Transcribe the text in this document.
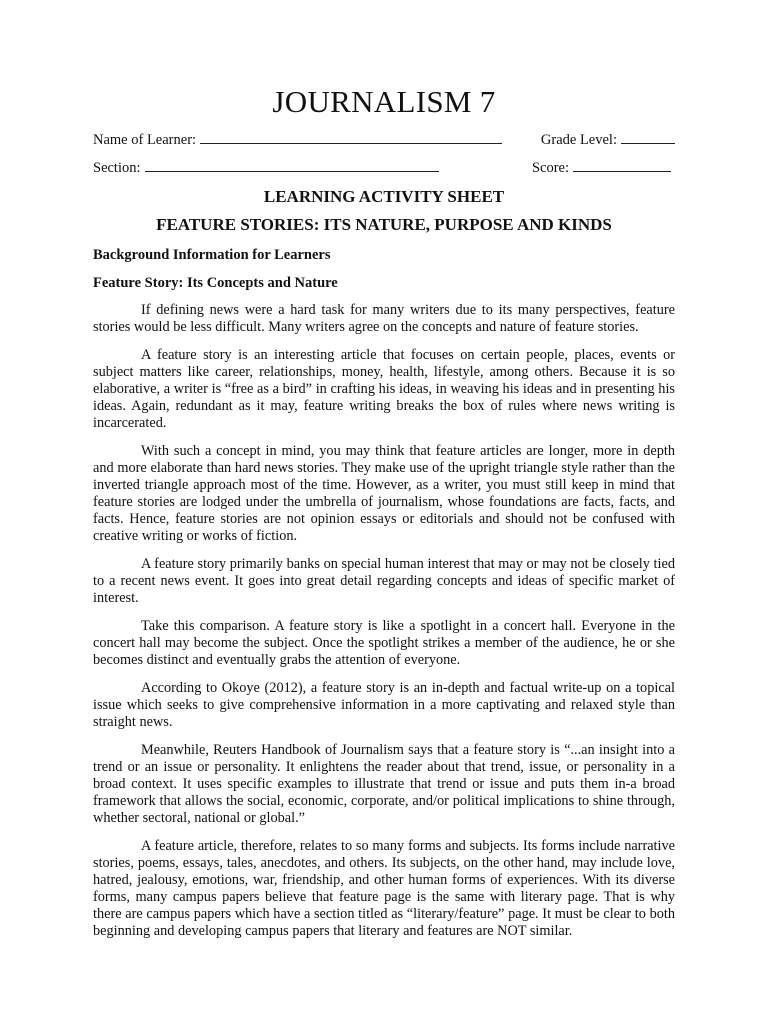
JOURNALISM 7
Name of Learner:	Grade Level:
Section:	Score:
LEARNING ACTIVITY SHEET
FEATURE STORIES: ITS NATURE, PURPOSE AND KINDS
Background Information for Learners
Feature Story: Its Concepts and Nature

If defining news were a hard task for many writers due to its many perspectives, feature stories would be less difficult. Many writers agree on the concepts and nature of feature stories.

A feature story is an interesting article that focuses on certain people, places, events or subject matters like career, relationships, money, health, lifestyle, among others. Because it is so elaborative, a writer is “free as a bird” in crafting his ideas, in weaving his ideas and in presenting his ideas. Again, redundant as it may, feature writing breaks the box of rules where news writing is incarcerated.

With such a concept in mind, you may think that feature articles are longer, more in depth and more elaborate than hard news stories. They make use of the upright triangle style rather than the inverted triangle approach most of the time. However, as a writer, you must still keep in mind that feature stories are lodged under the umbrella of journalism, whose foundations are facts, facts, and facts. Hence, feature stories are not opinion essays or editorials and should not be confused with creative writing or works of fiction.

A feature story primarily banks on special human interest that may or may not be closely tied to a recent news event. It goes into great detail regarding concepts and ideas of specific market of interest.

Take this comparison. A feature story is like a spotlight in a concert hall. Everyone in the concert hall may become the subject. Once the spotlight strikes a member of the audience, he or she becomes distinct and eventually grabs the attention of everyone.

According to Okoye (2012), a feature story is an in-depth and factual write-up on a topical issue which seeks to give comprehensive information in a more captivating and relaxed style than straight news.

Meanwhile, Reuters Handbook of Journalism says that a feature story is “...an insight into a trend or an issue or personality. It enlightens the reader about that trend, issue, or personality in a broad context. It uses specific examples to illustrate that trend or issue and puts them in-a broad framework that allows the social, economic, corporate, and/or political implications to shine through, whether sectoral, national or global.”

A feature article, therefore, relates to so many forms and subjects. Its forms include narrative stories, poems, essays, tales, anecdotes, and others. Its subjects, on the other hand, may include love, hatred, jealousy, emotions, war, friendship, and other human forms of experiences. With its diverse forms, many campus papers believe that feature page is the same with literary page. That is why there are campus papers which have a section titled as “literary/feature” page. It must be clear to both beginning and developing campus papers that literary and features are NOT similar.
